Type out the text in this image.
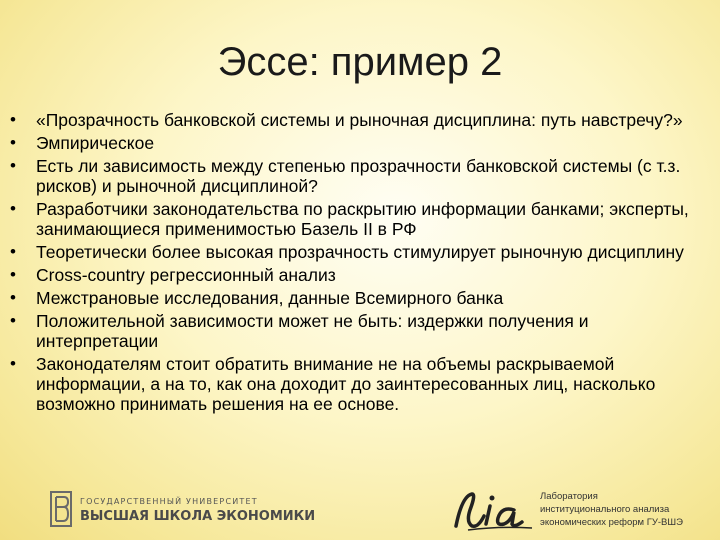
Эссе: пример 2
• «Прозрачность банковской системы и рыночная дисциплина: путь навстречу?»
• Эмпирическое
• Есть ли зависимость между степенью прозрачности банковской системы (с т.з. рисков) и рыночной дисциплиной?
• Разработчики законодательства по раскрытию информации банками; эксперты, занимающиеся применимостью Базель II в РФ
• Теоретически более высокая прозрачность стимулирует рыночную дисциплину
• Cross-country регрессионный анализ
• Межстрановые исследования, данные Всемирного банка
• Положительной зависимости может не быть: издержки получения и интерпретации
• Законодателям стоит обратить внимание не на объемы раскрываемой информации, а на то, как она доходит до заинтересованных лиц, насколько возможно принимать решения на ее основе.
ГОСУДАРСТВЕННЫЙ УНИВЕРСИТЕТ
ВЫСШАЯ ШКОЛА ЭКОНОМИКИ
Лаборатория
институционального анализа
экономических реформ ГУ-ВШЭ
